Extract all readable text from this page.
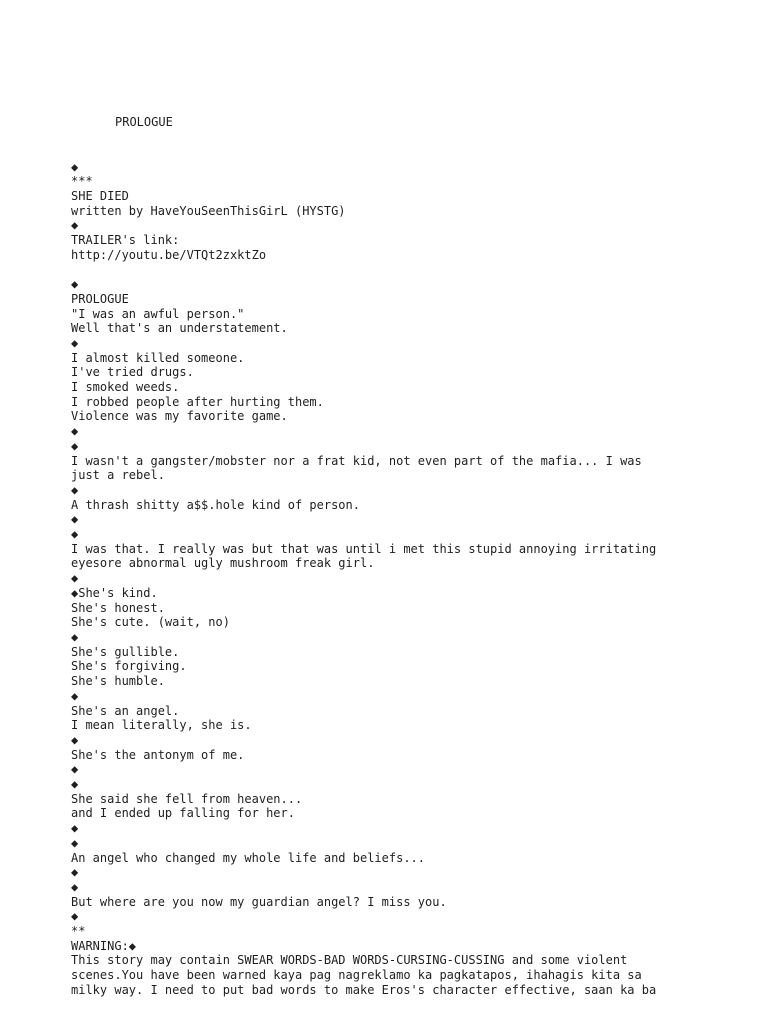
PROLOGUE

◆
***
SHE DIED
written by HaveYouSeenThisGirL (HYSTG)
◆
TRAILER's link:
http://youtu.be/VTQt2zxktZo
◆
PROLOGUE
"I was an awful person."
Well that's an understatement.
◆
I almost killed someone.
I've tried drugs.
I smoked weeds.
I robbed people after hurting them.
Violence was my favorite game.
◆
◆
I wasn't a gangster/mobster nor a frat kid, not even part of the mafia... I was
just a rebel.
◆
A thrash shitty a$$.hole kind of person.
◆
◆
I was that. I really was but that was until i met this stupid annoying irritating
eyesore abnormal ugly mushroom freak girl.
◆
◆She's kind.
She's honest.
She's cute. (wait, no)
◆
She's gullible.
She's forgiving.
She's humble.
◆
She's an angel.
I mean literally, she is.
◆
She's the antonym of me.
◆
◆
She said she fell from heaven...
and I ended up falling for her.
◆
◆
An angel who changed my whole life and beliefs...
◆
◆
But where are you now my guardian angel? I miss you.
◆
**
WARNING:◆
This story may contain SWEAR WORDS-BAD WORDS-CURSING-CUSSING and some violent
scenes.You have been warned kaya pag nagreklamo ka pagkatapos, ihahagis kita sa
milky way. I need to put bad words to make Eros's character effective, saan ka ba
